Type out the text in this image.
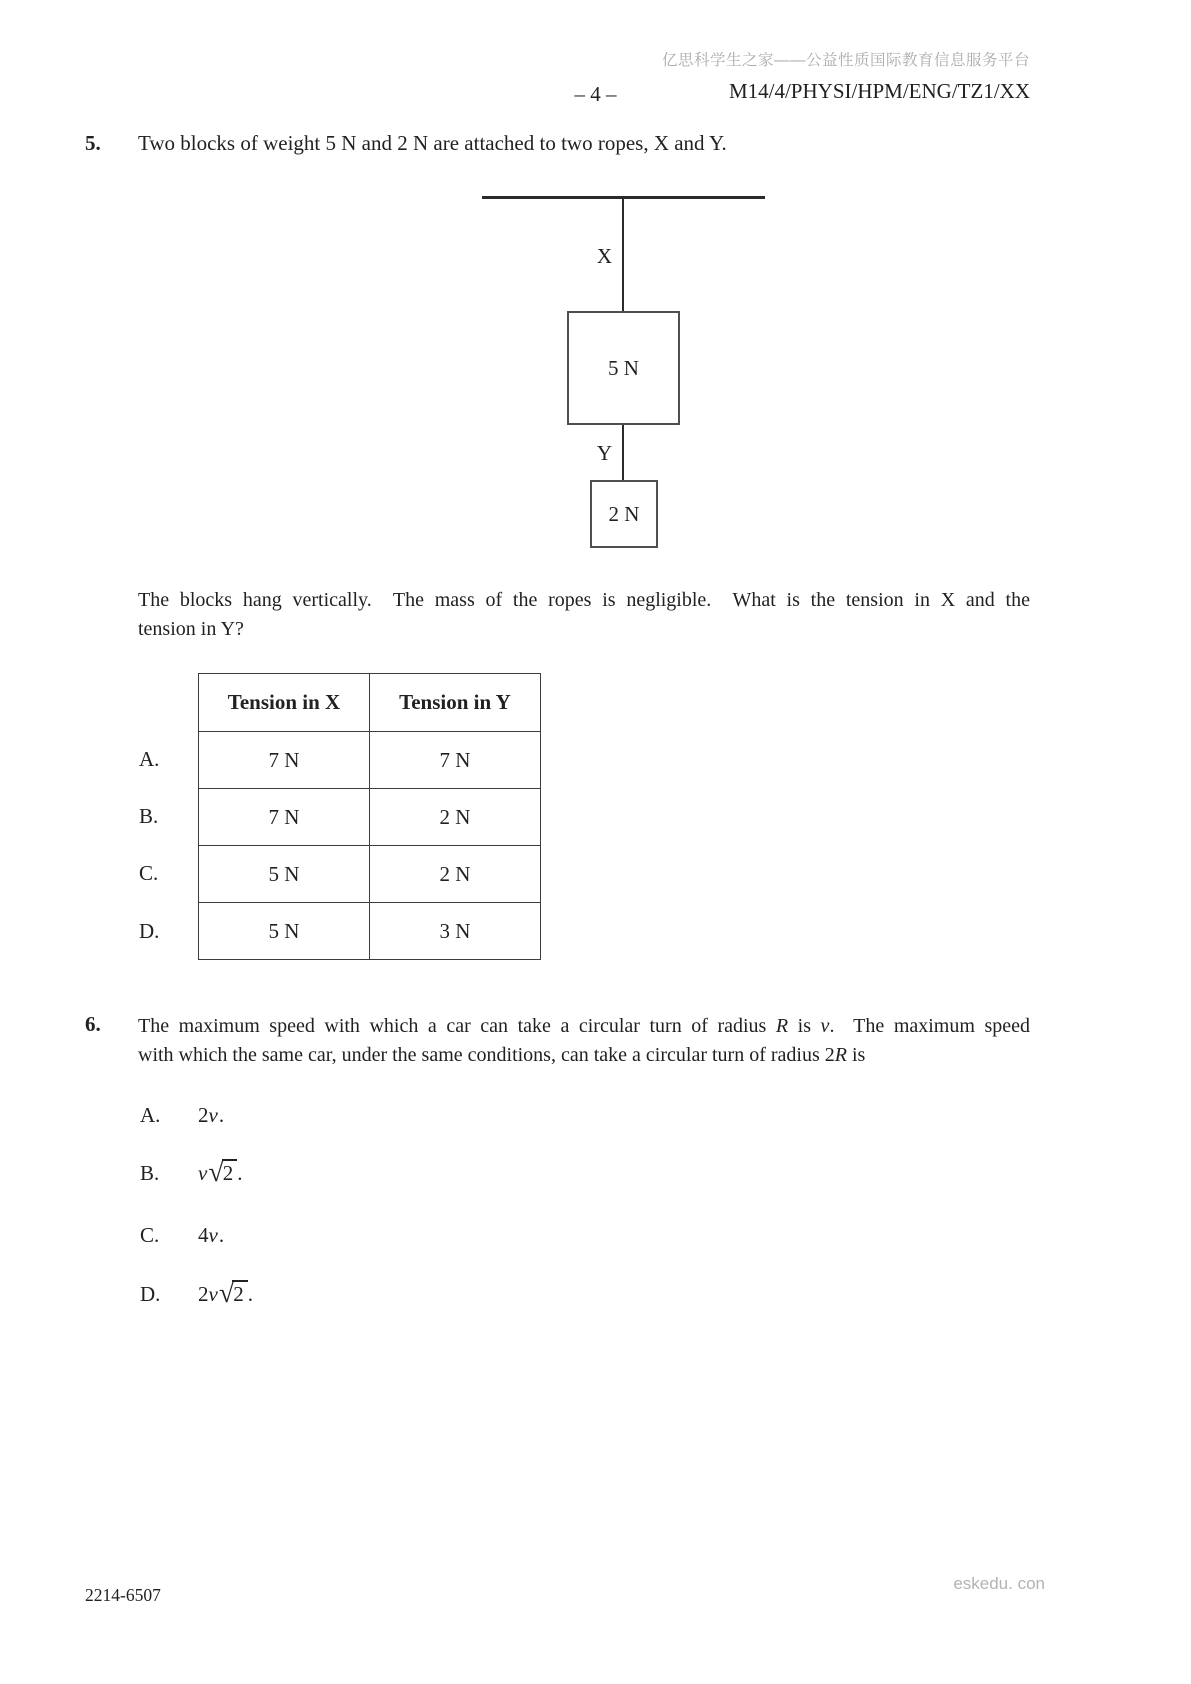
亿思科学生之家——公益性质国际教育信息服务平台
– 4 –	M14/4/PHYSI/HPM/ENG/TZ1/XX
5. Two blocks of weight 5 N and 2 N are attached to two ropes, X and Y.
X
5 N
Y
2 N
The blocks hang vertically.  The mass of the ropes is negligible.  What is the tension in X and the
tension in Y?
Tension in X	Tension in Y
A.	7 N	7 N
B.	7 N	2 N
C.	5 N	2 N
D.	5 N	3 N
6. The maximum speed with which a car can take a circular turn of radius R is v.  The maximum speed
with which the same car, under the same conditions, can take a circular turn of radius 2R is
A.	2v.
B.	v√2 .
C.	4v.
D.	2v√2 .
2214-6507
eskedu. con
